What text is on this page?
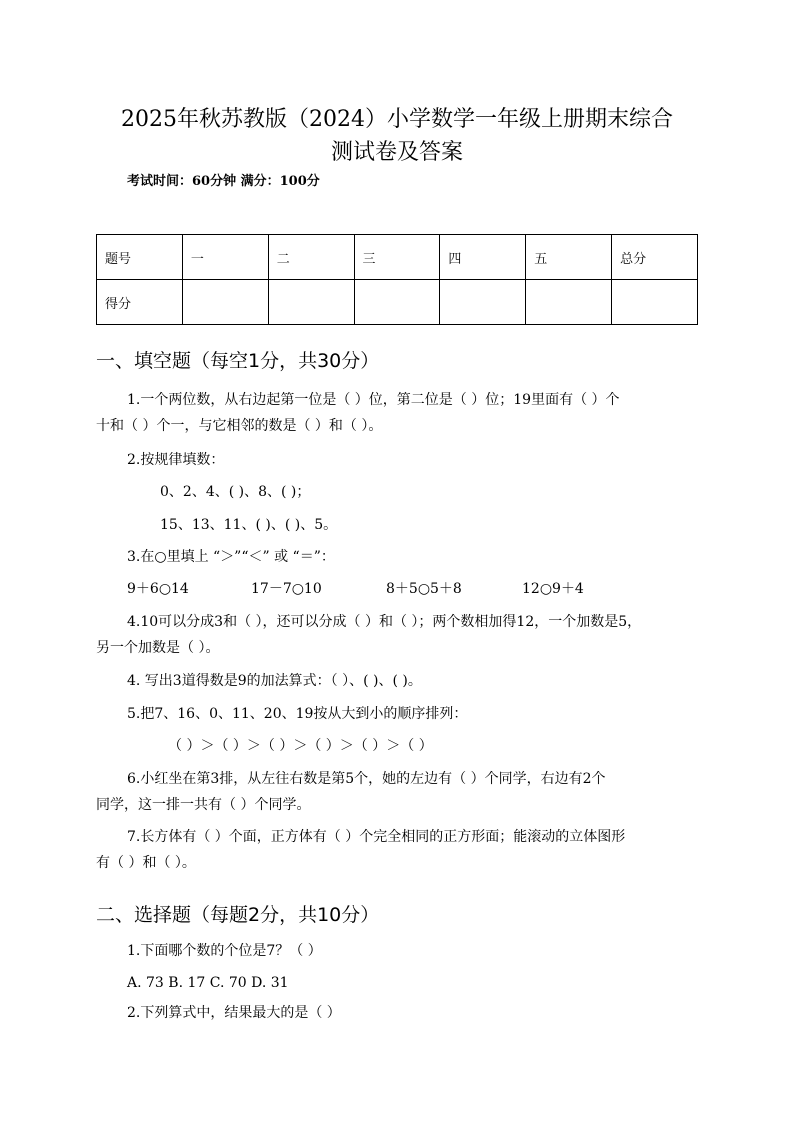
2025年秋苏教版（2024）小学数学一年级上册期末综合
测试卷及答案
考试时间：60分钟 满分：100分
题号	一	二	三	四	五	总分
得分						
一、填空题（每空1分，共30分）
1.一个两位数，从右边起第一位是（ ）位，第二位是（ ）位；19里面有（ ）个
十和（ ）个一，与它相邻的数是（ ）和（ ）。
2.按规律填数：
0、2、4、( )、8、( )；
15、13、11、( )、( )、5。
3.在○里填上 “＞”“＜” 或 “＝”：
9＋6○14	17－7○10	8＋5○5＋8	12○9＋4
4.10可以分成3和（ ），还可以分成（ ）和（ ）；两个数相加得12，一个加数是5，
另一个加数是（ ）。
4. 写出3道得数是9的加法算式：（ ）、( )、( )。
5.把7、16、0、11、20、19按从大到小的顺序排列：
（ ）＞（ ）＞（ ）＞（ ）＞（ ）＞（ ）
6.小红坐在第3排，从左往右数是第5个，她的左边有（ ）个同学，右边有2个
同学，这一排一共有（ ）个同学。
7.长方体有（ ）个面，正方体有（ ）个完全相同的正方形面；能滚动的立体图形
有（ ）和（ ）。
二、选择题（每题2分，共10分）
1.下面哪个数的个位是7？（ ）
A. 73 B. 17 C. 70 D. 31
2.下列算式中，结果最大的是（ ）
